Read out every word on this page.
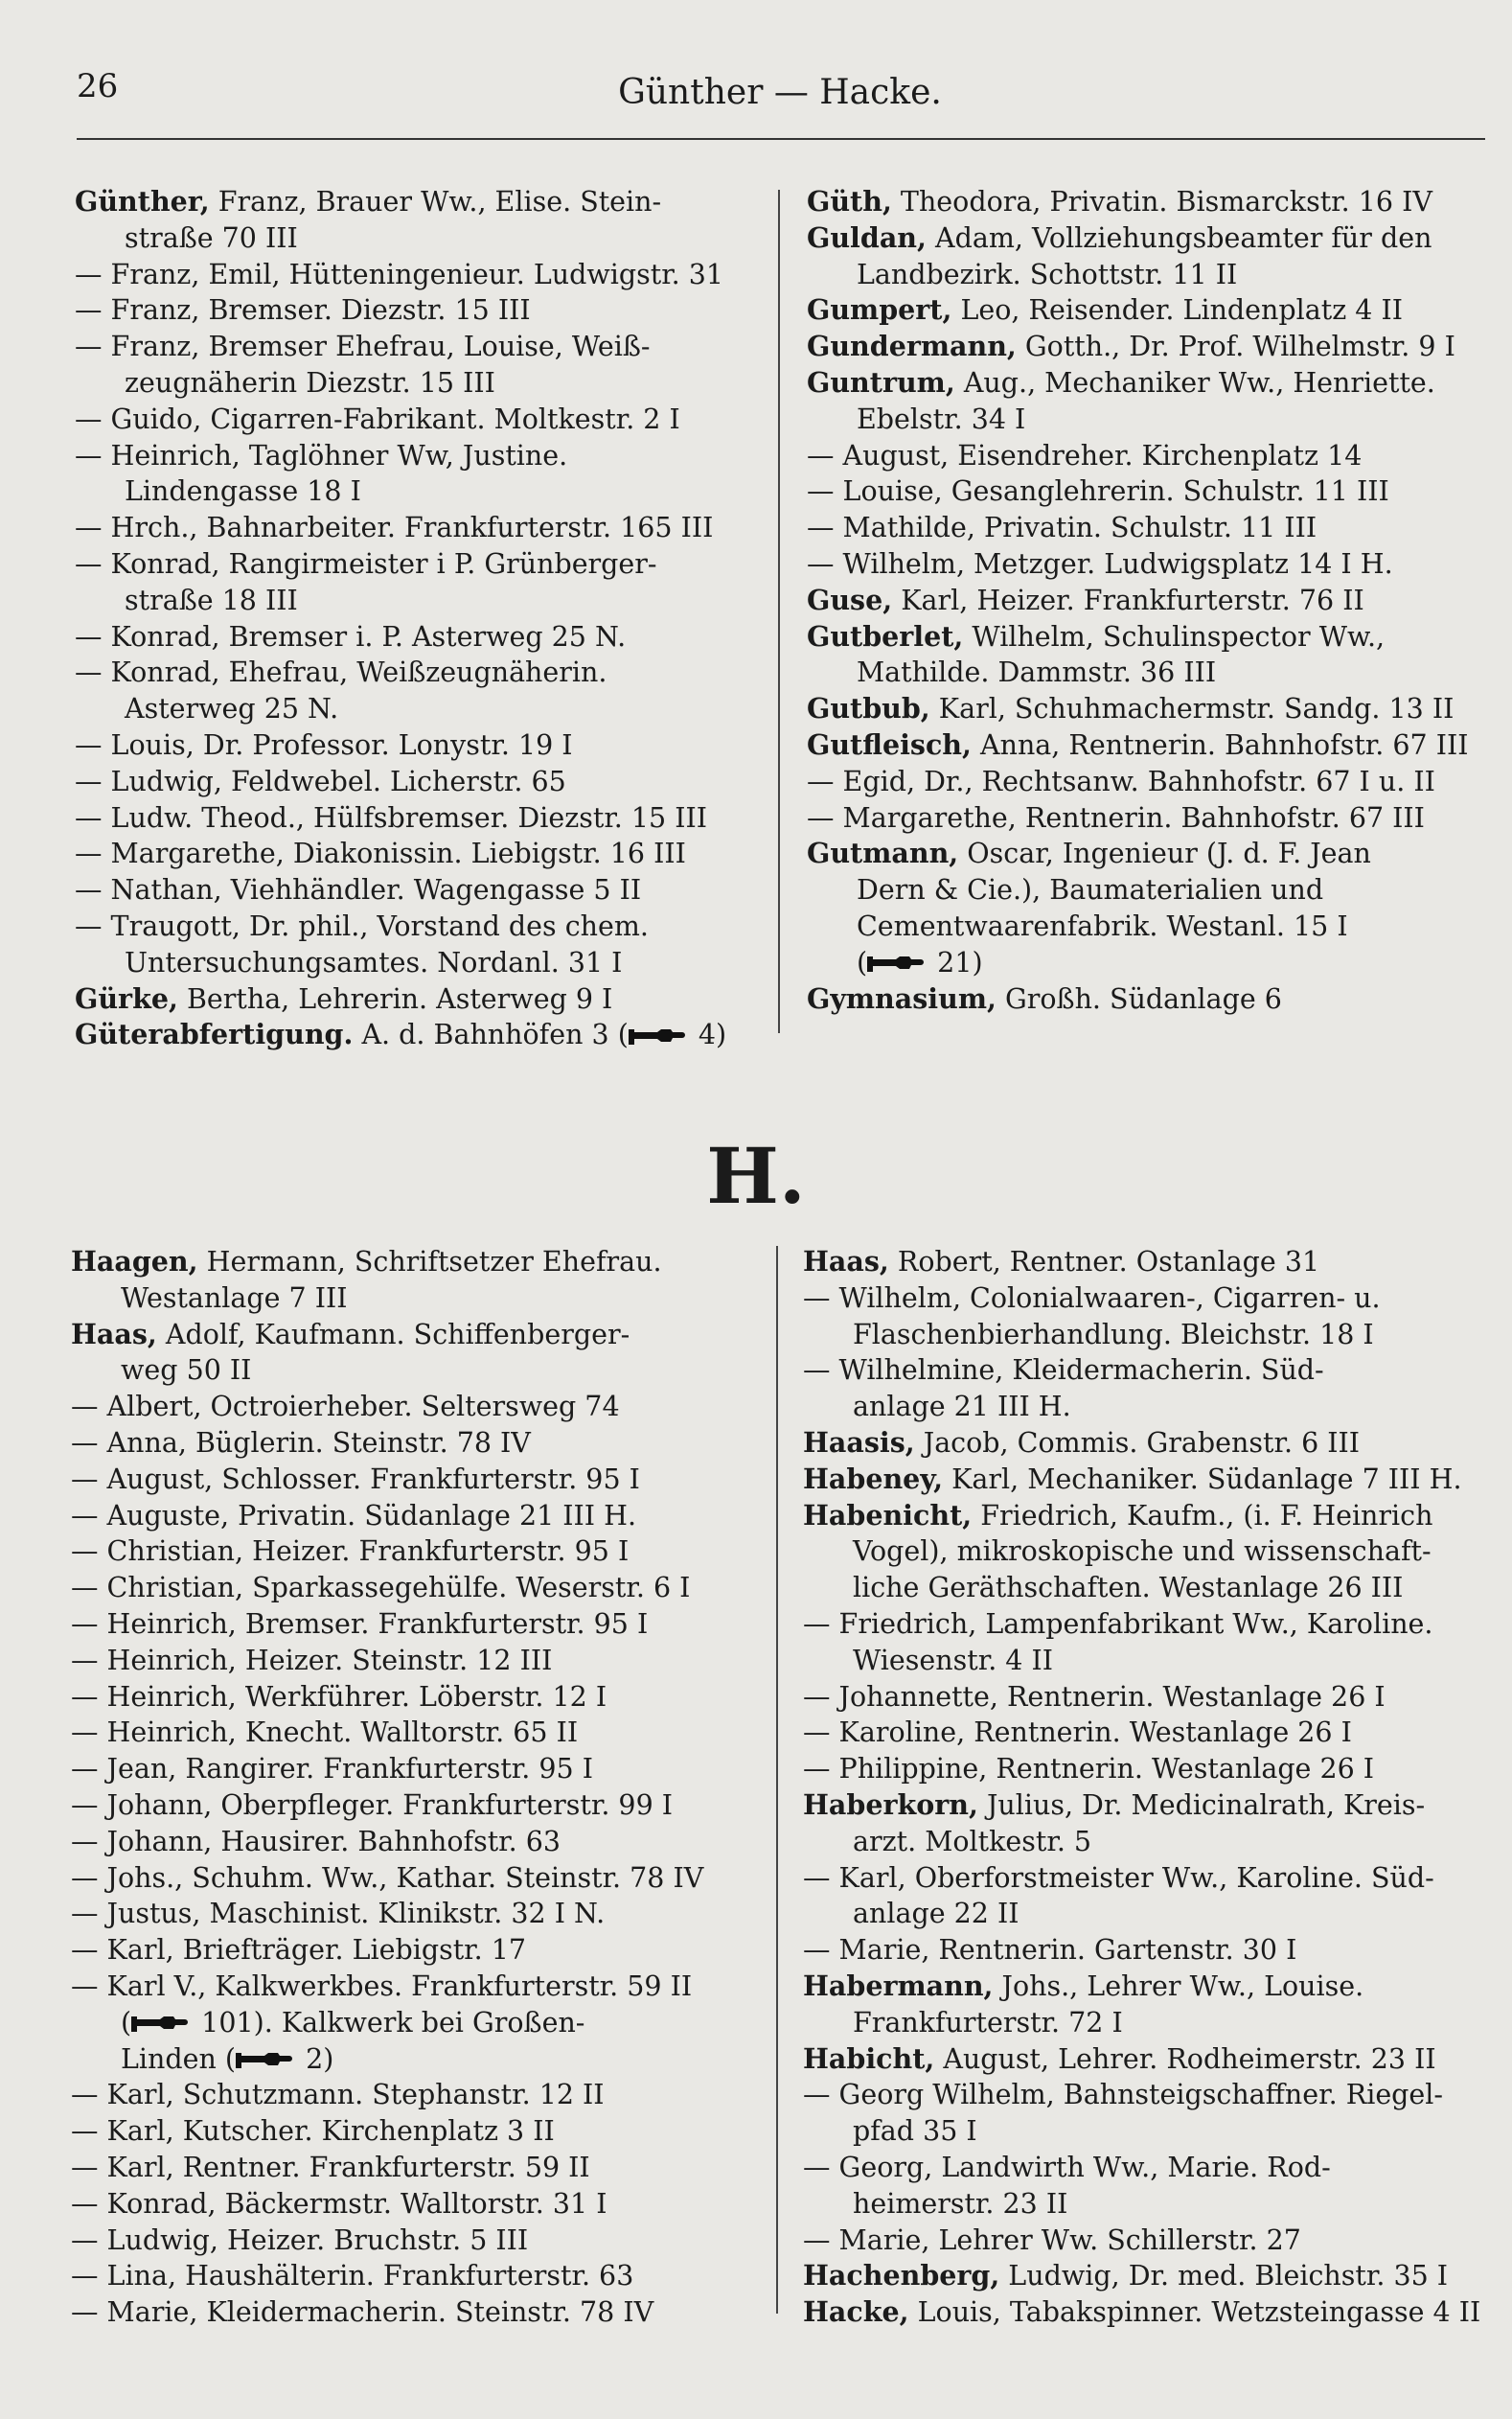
26	Günther — Hacke.
Günther, Franz, Brauer Ww., Elise. Stein-
straße 70 III
— Franz, Emil, Hütteningenieur. Ludwigstr. 31
— Franz, Bremser. Diezstr. 15 III
— Franz, Bremser Ehefrau, Louise, Weiß-
zeugnäherin Diezstr. 15 III
— Guido, Cigarren-Fabrikant. Moltkestr. 2 I
— Heinrich, Taglöhner Ww, Justine.
Lindengasse 18 I
— Hrch., Bahnarbeiter. Frankfurterstr. 165 III
— Konrad, Rangirmeister i P. Grünberger-
straße 18 III
— Konrad, Bremser i. P. Asterweg 25 N.
— Konrad, Ehefrau, Weißzeugnäherin.
Asterweg 25 N.
— Louis, Dr. Professor. Lonystr. 19 I
— Ludwig, Feldwebel. Licherstr. 65
— Ludw. Theod., Hülfsbremser. Diezstr. 15 III
— Margarethe, Diakonissin. Liebigstr. 16 III
— Nathan, Viehhändler. Wagengasse 5 II
— Traugott, Dr. phil., Vorstand des chem.
Untersuchungsamtes. Nordanl. 31 I
Gürke, Bertha, Lehrerin. Asterweg 9 I
Güterabfertigung. A. d. Bahnhöfen 3 ( 4)
Güth, Theodora, Privatin. Bismarckstr. 16 IV
Guldan, Adam, Vollziehungsbeamter für den
Landbezirk. Schottstr. 11 II
Gumpert, Leo, Reisender. Lindenplatz 4 II
Gundermann, Gotth., Dr. Prof. Wilhelmstr. 9 I
Guntrum, Aug., Mechaniker Ww., Henriette.
Ebelstr. 34 I
— August, Eisendreher. Kirchenplatz 14
— Louise, Gesanglehrerin. Schulstr. 11 III
— Mathilde, Privatin. Schulstr. 11 III
— Wilhelm, Metzger. Ludwigsplatz 14 I H.
Guse, Karl, Heizer. Frankfurterstr. 76 II
Gutberlet, Wilhelm, Schulinspector Ww.,
Mathilde. Dammstr. 36 III
Gutbub, Karl, Schuhmachermstr. Sandg. 13 II
Gutfleisch, Anna, Rentnerin. Bahnhofstr. 67 III
— Egid, Dr., Rechtsanw. Bahnhofstr. 67 I u. II
— Margarethe, Rentnerin. Bahnhofstr. 67 III
Gutmann, Oscar, Ingenieur (J. d. F. Jean
Dern & Cie.), Baumaterialien und
Cementwaarenfabrik. Westanl. 15 I
( 21)
Gymnasium, Großh. Südanlage 6
H.
Haagen, Hermann, Schriftsetzer Ehefrau.
Westanlage 7 III
Haas, Adolf, Kaufmann. Schiffenberger-
weg 50 II
— Albert, Octroierheber. Seltersweg 74
— Anna, Büglerin. Steinstr. 78 IV
— August, Schlosser. Frankfurterstr. 95 I
— Auguste, Privatin. Südanlage 21 III H.
— Christian, Heizer. Frankfurterstr. 95 I
— Christian, Sparkassegehülfe. Weserstr. 6 I
— Heinrich, Bremser. Frankfurterstr. 95 I
— Heinrich, Heizer. Steinstr. 12 III
— Heinrich, Werkführer. Löberstr. 12 I
— Heinrich, Knecht. Walltorstr. 65 II
— Jean, Rangirer. Frankfurterstr. 95 I
— Johann, Oberpfleger. Frankfurterstr. 99 I
— Johann, Hausirer. Bahnhofstr. 63
— Johs., Schuhm. Ww., Kathar. Steinstr. 78 IV
— Justus, Maschinist. Klinikstr. 32 I N.
— Karl, Briefträger. Liebigstr. 17
— Karl V., Kalkwerkbes. Frankfurterstr. 59 II
( 101). Kalkwerk bei Großen-
Linden ( 2)
— Karl, Schutzmann. Stephanstr. 12 II
— Karl, Kutscher. Kirchenplatz 3 II
— Karl, Rentner. Frankfurterstr. 59 II
— Konrad, Bäckermstr. Walltorstr. 31 I
— Ludwig, Heizer. Bruchstr. 5 III
— Lina, Haushälterin. Frankfurterstr. 63
— Marie, Kleidermacherin. Steinstr. 78 IV
Haas, Robert, Rentner. Ostanlage 31
— Wilhelm, Colonialwaaren-, Cigarren- u.
Flaschenbierhandlung. Bleichstr. 18 I
— Wilhelmine, Kleidermacherin. Süd-
anlage 21 III H.
Haasis, Jacob, Commis. Grabenstr. 6 III
Habeney, Karl, Mechaniker. Südanlage 7 III H.
Habenicht, Friedrich, Kaufm., (i. F. Heinrich
Vogel), mikroskopische und wissenschaft-
liche Geräthschaften. Westanlage 26 III
— Friedrich, Lampenfabrikant Ww., Karoline.
Wiesenstr. 4 II
— Johannette, Rentnerin. Westanlage 26 I
— Karoline, Rentnerin. Westanlage 26 I
— Philippine, Rentnerin. Westanlage 26 I
Haberkorn, Julius, Dr. Medicinalrath, Kreis-
arzt. Moltkestr. 5
— Karl, Oberforstmeister Ww., Karoline. Süd-
anlage 22 II
— Marie, Rentnerin. Gartenstr. 30 I
Habermann, Johs., Lehrer Ww., Louise.
Frankfurterstr. 72 I
Habicht, August, Lehrer. Rodheimerstr. 23 II
— Georg Wilhelm, Bahnsteigschaffner. Riegel-
pfad 35 I
— Georg, Landwirth Ww., Marie. Rod-
heimerstr. 23 II
— Marie, Lehrer Ww. Schillerstr. 27
Hachenberg, Ludwig, Dr. med. Bleichstr. 35 I
Hacke, Louis, Tabakspinner. Wetzsteingasse 4 II
